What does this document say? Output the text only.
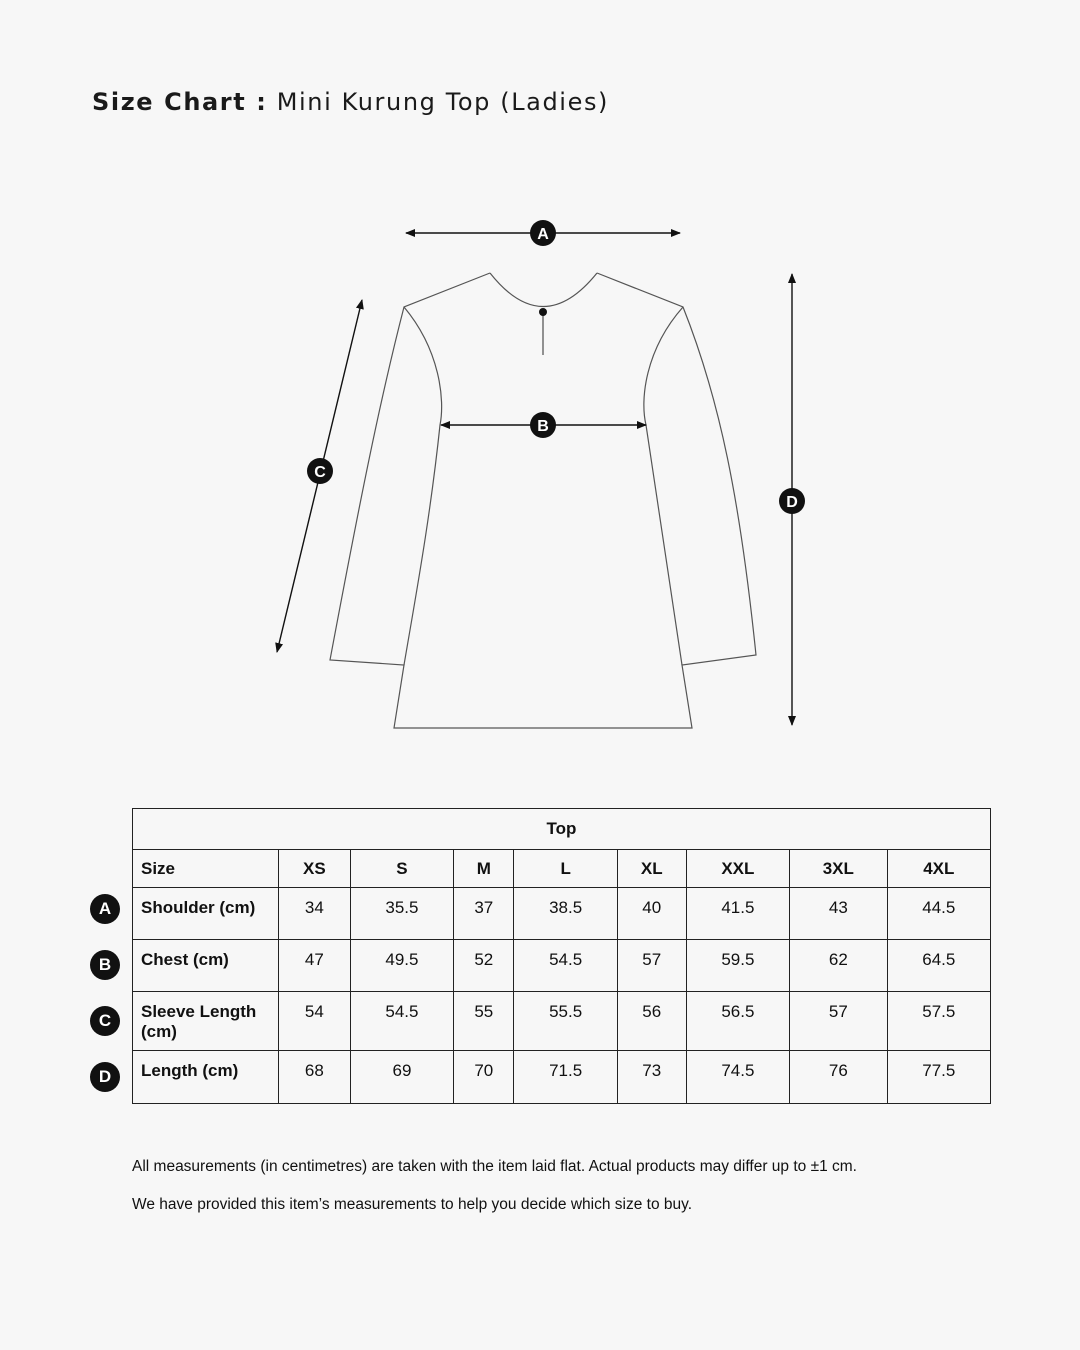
Size Chart : Mini Kurung Top (Ladies)
A
B
C
D
Top								
Size	XS	S	M	L	XL	XXL	3XL	4XL
Shoulder (cm)	34	35.5	37	38.5	40	41.5	43	44.5
Chest (cm)	47	49.5	52	54.5	57	59.5	62	64.5
Sleeve Length (cm)	54	54.5	55	55.5	56	56.5	57	57.5
Length (cm)	68	69	70	71.5	73	74.5	76	77.5
A
B
C
D
All measurements (in centimetres) are taken with the item laid flat. Actual products may differ up to ±1 cm.
We have provided this item’s measurements to help you decide which size to buy.
